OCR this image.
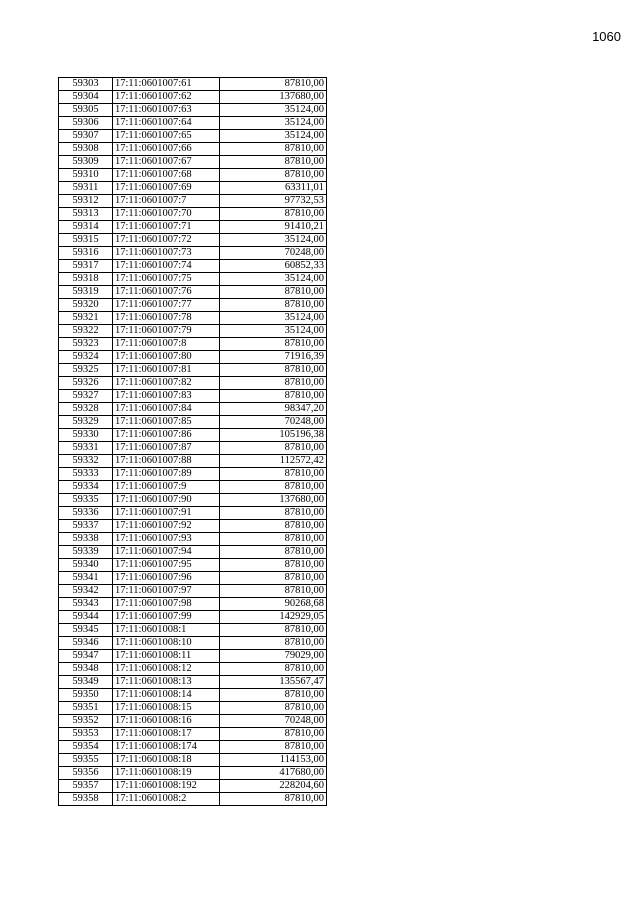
1060
59303	17:11:0601007:61	87810,00
59304	17:11:0601007:62	137680,00
59305	17:11:0601007:63	35124,00
59306	17:11:0601007:64	35124,00
59307	17:11:0601007:65	35124,00
59308	17:11:0601007:66	87810,00
59309	17:11:0601007:67	87810,00
59310	17:11:0601007:68	87810,00
59311	17:11:0601007:69	63311,01
59312	17:11:0601007:7	97732,53
59313	17:11:0601007:70	87810,00
59314	17:11:0601007:71	91410,21
59315	17:11:0601007:72	35124,00
59316	17:11:0601007:73	70248,00
59317	17:11:0601007:74	60852,33
59318	17:11:0601007:75	35124,00
59319	17:11:0601007:76	87810,00
59320	17:11:0601007:77	87810,00
59321	17:11:0601007:78	35124,00
59322	17:11:0601007:79	35124,00
59323	17:11:0601007:8	87810,00
59324	17:11:0601007:80	71916,39
59325	17:11:0601007:81	87810,00
59326	17:11:0601007:82	87810,00
59327	17:11:0601007:83	87810,00
59328	17:11:0601007:84	98347,20
59329	17:11:0601007:85	70248,00
59330	17:11:0601007:86	105196,38
59331	17:11:0601007:87	87810,00
59332	17:11:0601007:88	112572,42
59333	17:11:0601007:89	87810,00
59334	17:11:0601007:9	87810,00
59335	17:11:0601007:90	137680,00
59336	17:11:0601007:91	87810,00
59337	17:11:0601007:92	87810,00
59338	17:11:0601007:93	87810,00
59339	17:11:0601007:94	87810,00
59340	17:11:0601007:95	87810,00
59341	17:11:0601007:96	87810,00
59342	17:11:0601007:97	87810,00
59343	17:11:0601007:98	90268,68
59344	17:11:0601007:99	142929,05
59345	17:11:0601008:1	87810,00
59346	17:11:0601008:10	87810,00
59347	17:11:0601008:11	79029,00
59348	17:11:0601008:12	87810,00
59349	17:11:0601008:13	135567,47
59350	17:11:0601008:14	87810,00
59351	17:11:0601008:15	87810,00
59352	17:11:0601008:16	70248,00
59353	17:11:0601008:17	87810,00
59354	17:11:0601008:174	87810,00
59355	17:11:0601008:18	114153,00
59356	17:11:0601008:19	417680,00
59357	17:11:0601008:192	228204,60
59358	17:11:0601008:2	87810,00
